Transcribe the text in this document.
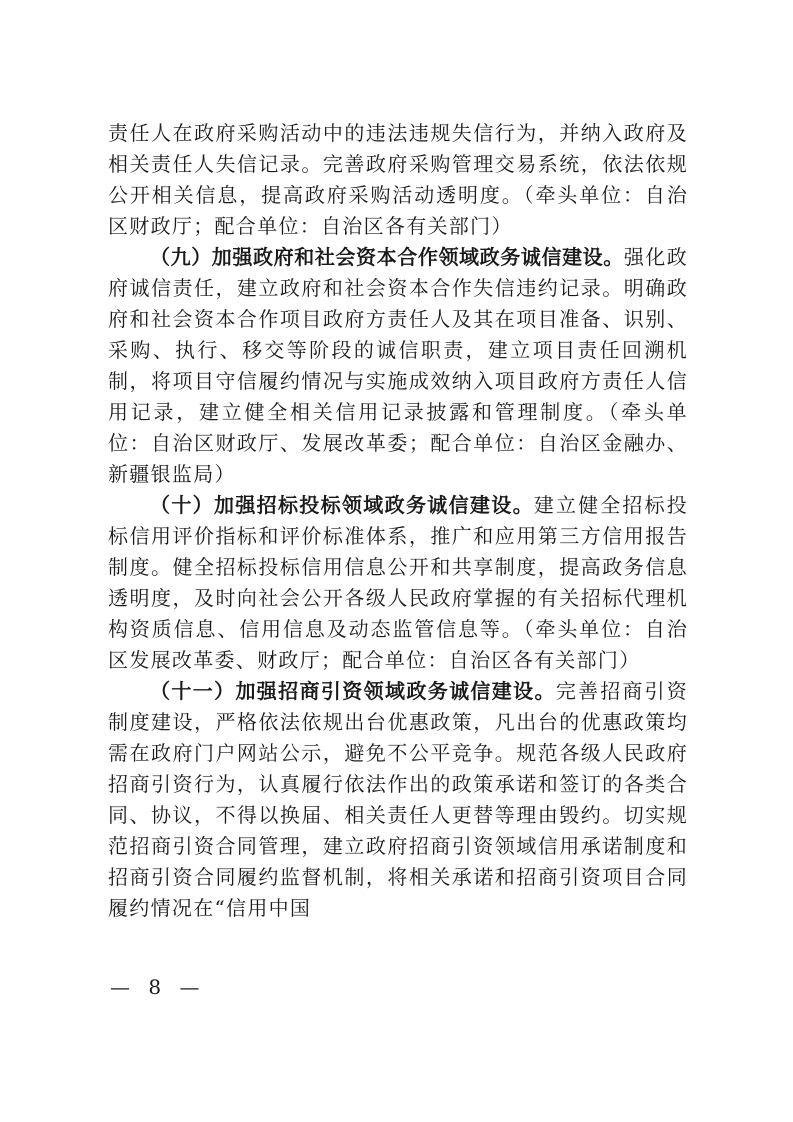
责任人在政府采购活动中的违法违规失信行为，并纳入政府及相关责任人失信记录。完善政府采购管理交易系统，依法依规公开相关信息，提高政府采购活动透明度。（牵头单位：自治区财政厅；配合单位：自治区各有关部门）

（九）加强政府和社会资本合作领域政务诚信建设。强化政府诚信责任，建立政府和社会资本合作失信违约记录。明确政府和社会资本合作项目政府方责任人及其在项目准备、识别、采购、执行、移交等阶段的诚信职责，建立项目责任回溯机制，将项目守信履约情况与实施成效纳入项目政府方责任人信用记录，建立健全相关信用记录披露和管理制度。（牵头单位：自治区财政厅、发展改革委；配合单位：自治区金融办、新疆银监局）

（十）加强招标投标领域政务诚信建设。建立健全招标投标信用评价指标和评价标准体系，推广和应用第三方信用报告制度。健全招标投标信用信息公开和共享制度，提高政务信息透明度，及时向社会公开各级人民政府掌握的有关招标代理机构资质信息、信用信息及动态监管信息等。（牵头单位：自治区发展改革委、财政厅；配合单位：自治区各有关部门）

（十一）加强招商引资领域政务诚信建设。完善招商引资制度建设，严格依法依规出台优惠政策，凡出台的优惠政策均需在政府门户网站公示，避免不公平竞争。规范各级人民政府招商引资行为，认真履行依法作出的政策承诺和签订的各类合同、协议，不得以换届、相关责任人更替等理由毁约。切实规范招商引资合同管理，建立政府招商引资领域信用承诺制度和招商引资合同履约监督机制，将相关承诺和招商引资项目合同履约情况在“信用中国

— 8 —
